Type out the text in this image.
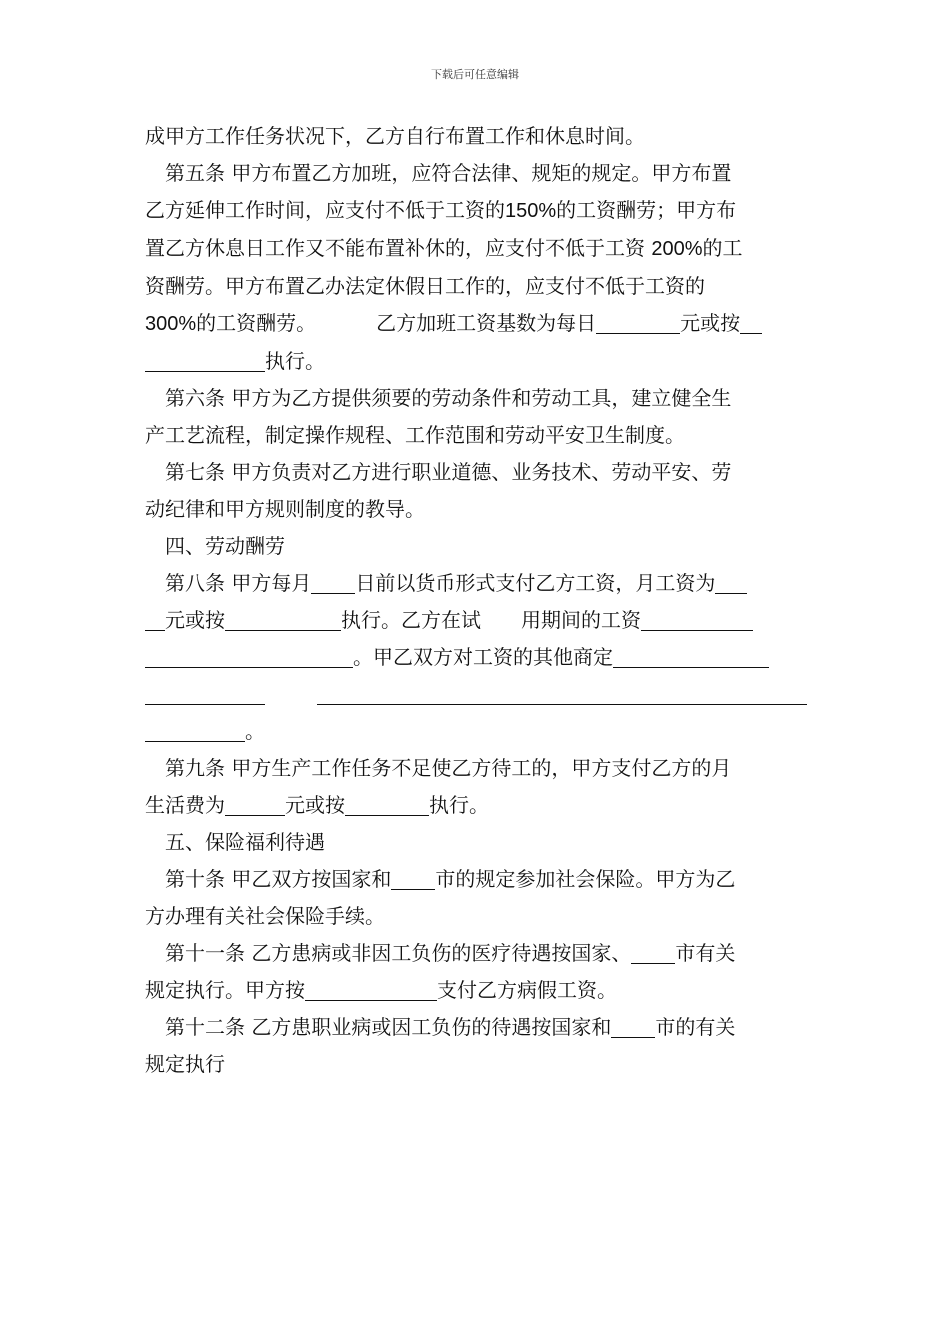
下载后可任意编辑

成甲方工作任务状况下，乙方自行布置工作和休息时间。

　第五条 甲方布置乙方加班，应符合法律、规矩的规定。甲方布置

乙方延伸工作时间，应支付不低于工资的150%的工资酬劳；甲方布

置乙方休息日工作又不能布置补休的，应支付不低于工资 200%的工

资酬劳。甲方布置乙办法定休假日工作的，应支付不低于工资的

300%的工资酬劳。	乙方加班工资基数为每日	元或按

执行。

　第六条 甲方为乙方提供须要的劳动条件和劳动工具，建立健全生

产工艺流程，制定操作规程、工作范围和劳动平安卫生制度。

　第七条 甲方负责对乙方进行职业道德、业务技术、劳动平安、劳

动纪律和甲方规则制度的教导。

　四、劳动酬劳

　第八条 甲方每月 日前以货币形式支付乙方工资，月工资为

元或按	执行。乙方在试 用期间的工资

。甲乙双方对工资的其他商定

。

　第九条 甲方生产工作任务不足使乙方待工的，甲方支付乙方的月

生活费为	元或按	执行。

　五、保险福利待遇

　第十条 甲乙双方按国家和 市的规定参加社会保险。甲方为乙

方办理有关社会保险手续。

　第十一条 乙方患病或非因工负伤的医疗待遇按国家、 市有关

规定执行。甲方按	支付乙方病假工资。

　第十二条 乙方患职业病或因工负伤的待遇按国家和 市的有关

规定执行
